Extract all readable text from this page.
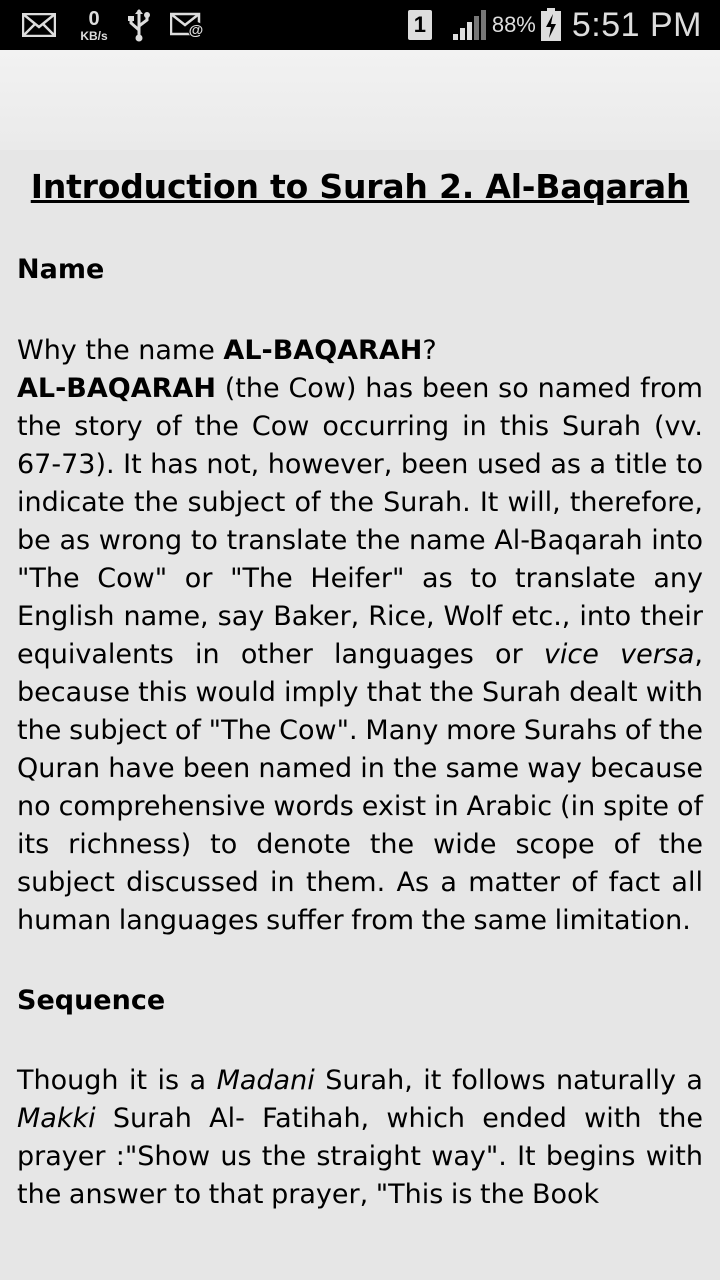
0
KB/s	@	1	88% 5:51 PM
Introduction to Surah 2. Al-Baqarah
Name
Why the name AL-BAQARAH?
AL-BAQARAH (the Cow) has been so named from the story of the Cow occurring in this Surah (vv. 67-73). It has not, however, been used as a title to indicate the subject of the Surah. It will, therefore, be as wrong to translate the name Al-Baqarah into "The Cow" or "The Heifer" as to translate any English name, say Baker, Rice, Wolf etc., into their equivalents in other languages or vice versa, because this would imply that the Surah dealt with the subject of "The Cow". Many more Surahs of the Quran have been named in the same way because no comprehensive words exist in Arabic (in spite of its richness) to denote the wide scope of the subject discussed in them. As a matter of fact all human languages suffer from the same limitation.
Sequence
Though it is a Madani Surah, it follows naturally a Makki Surah Al- Fatihah, which ended with the prayer :"Show us the straight way". It begins with the answer to that prayer, "This is the Book
